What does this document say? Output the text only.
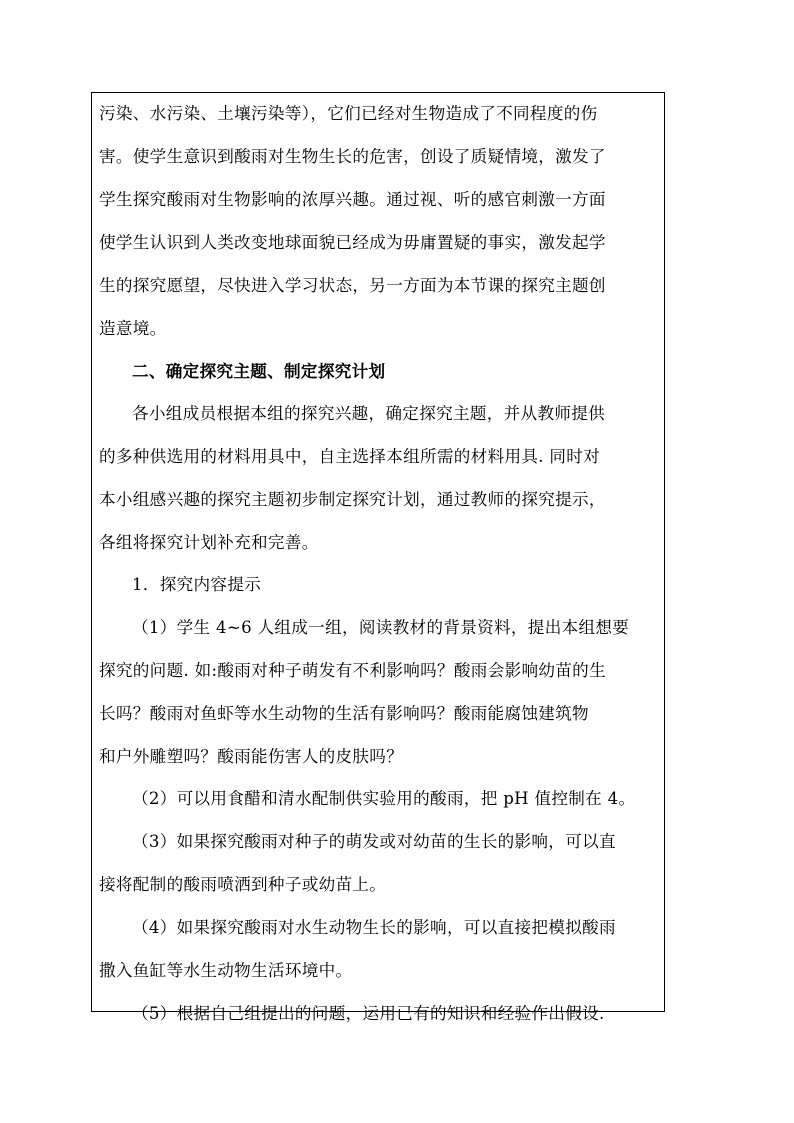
污染、水污染、土壤污染等），它们已经对生物造成了不同程度的伤
害。使学生意识到酸雨对生物生长的危害，创设了质疑情境，激发了
学生探究酸雨对生物影响的浓厚兴趣。通过视、听的感官刺激一方面
使学生认识到人类改变地球面貌已经成为毋庸置疑的事实，激发起学
生的探究愿望，尽快进入学习状态，另一方面为本节课的探究主题创
造意境。
二、确定探究主题、制定探究计划
各小组成员根据本组的探究兴趣，确定探究主题，并从教师提供
的多种供选用的材料用具中，自主选择本组所需的材料用具. 同时对
本小组感兴趣的探究主题初步制定探究计划，通过教师的探究提示，
各组将探究计划补充和完善。
1．探究内容提示
（1）学生 4~6 人组成一组，阅读教材的背景资料，提出本组想要
探究的问题. 如:酸雨对种子萌发有不利影响吗？酸雨会影响幼苗的生
长吗？酸雨对鱼虾等水生动物的生活有影响吗？酸雨能腐蚀建筑物
和户外雕塑吗？酸雨能伤害人的皮肤吗？
（2）可以用食醋和清水配制供实验用的酸雨，把 pH 值控制在 4。
（3）如果探究酸雨对种子的萌发或对幼苗的生长的影响，可以直
接将配制的酸雨喷洒到种子或幼苗上。
（4）如果探究酸雨对水生动物生长的影响，可以直接把模拟酸雨
撒入鱼缸等水生动物生活环境中。
（5）根据自己组提出的问题，运用已有的知识和经验作出假设.
